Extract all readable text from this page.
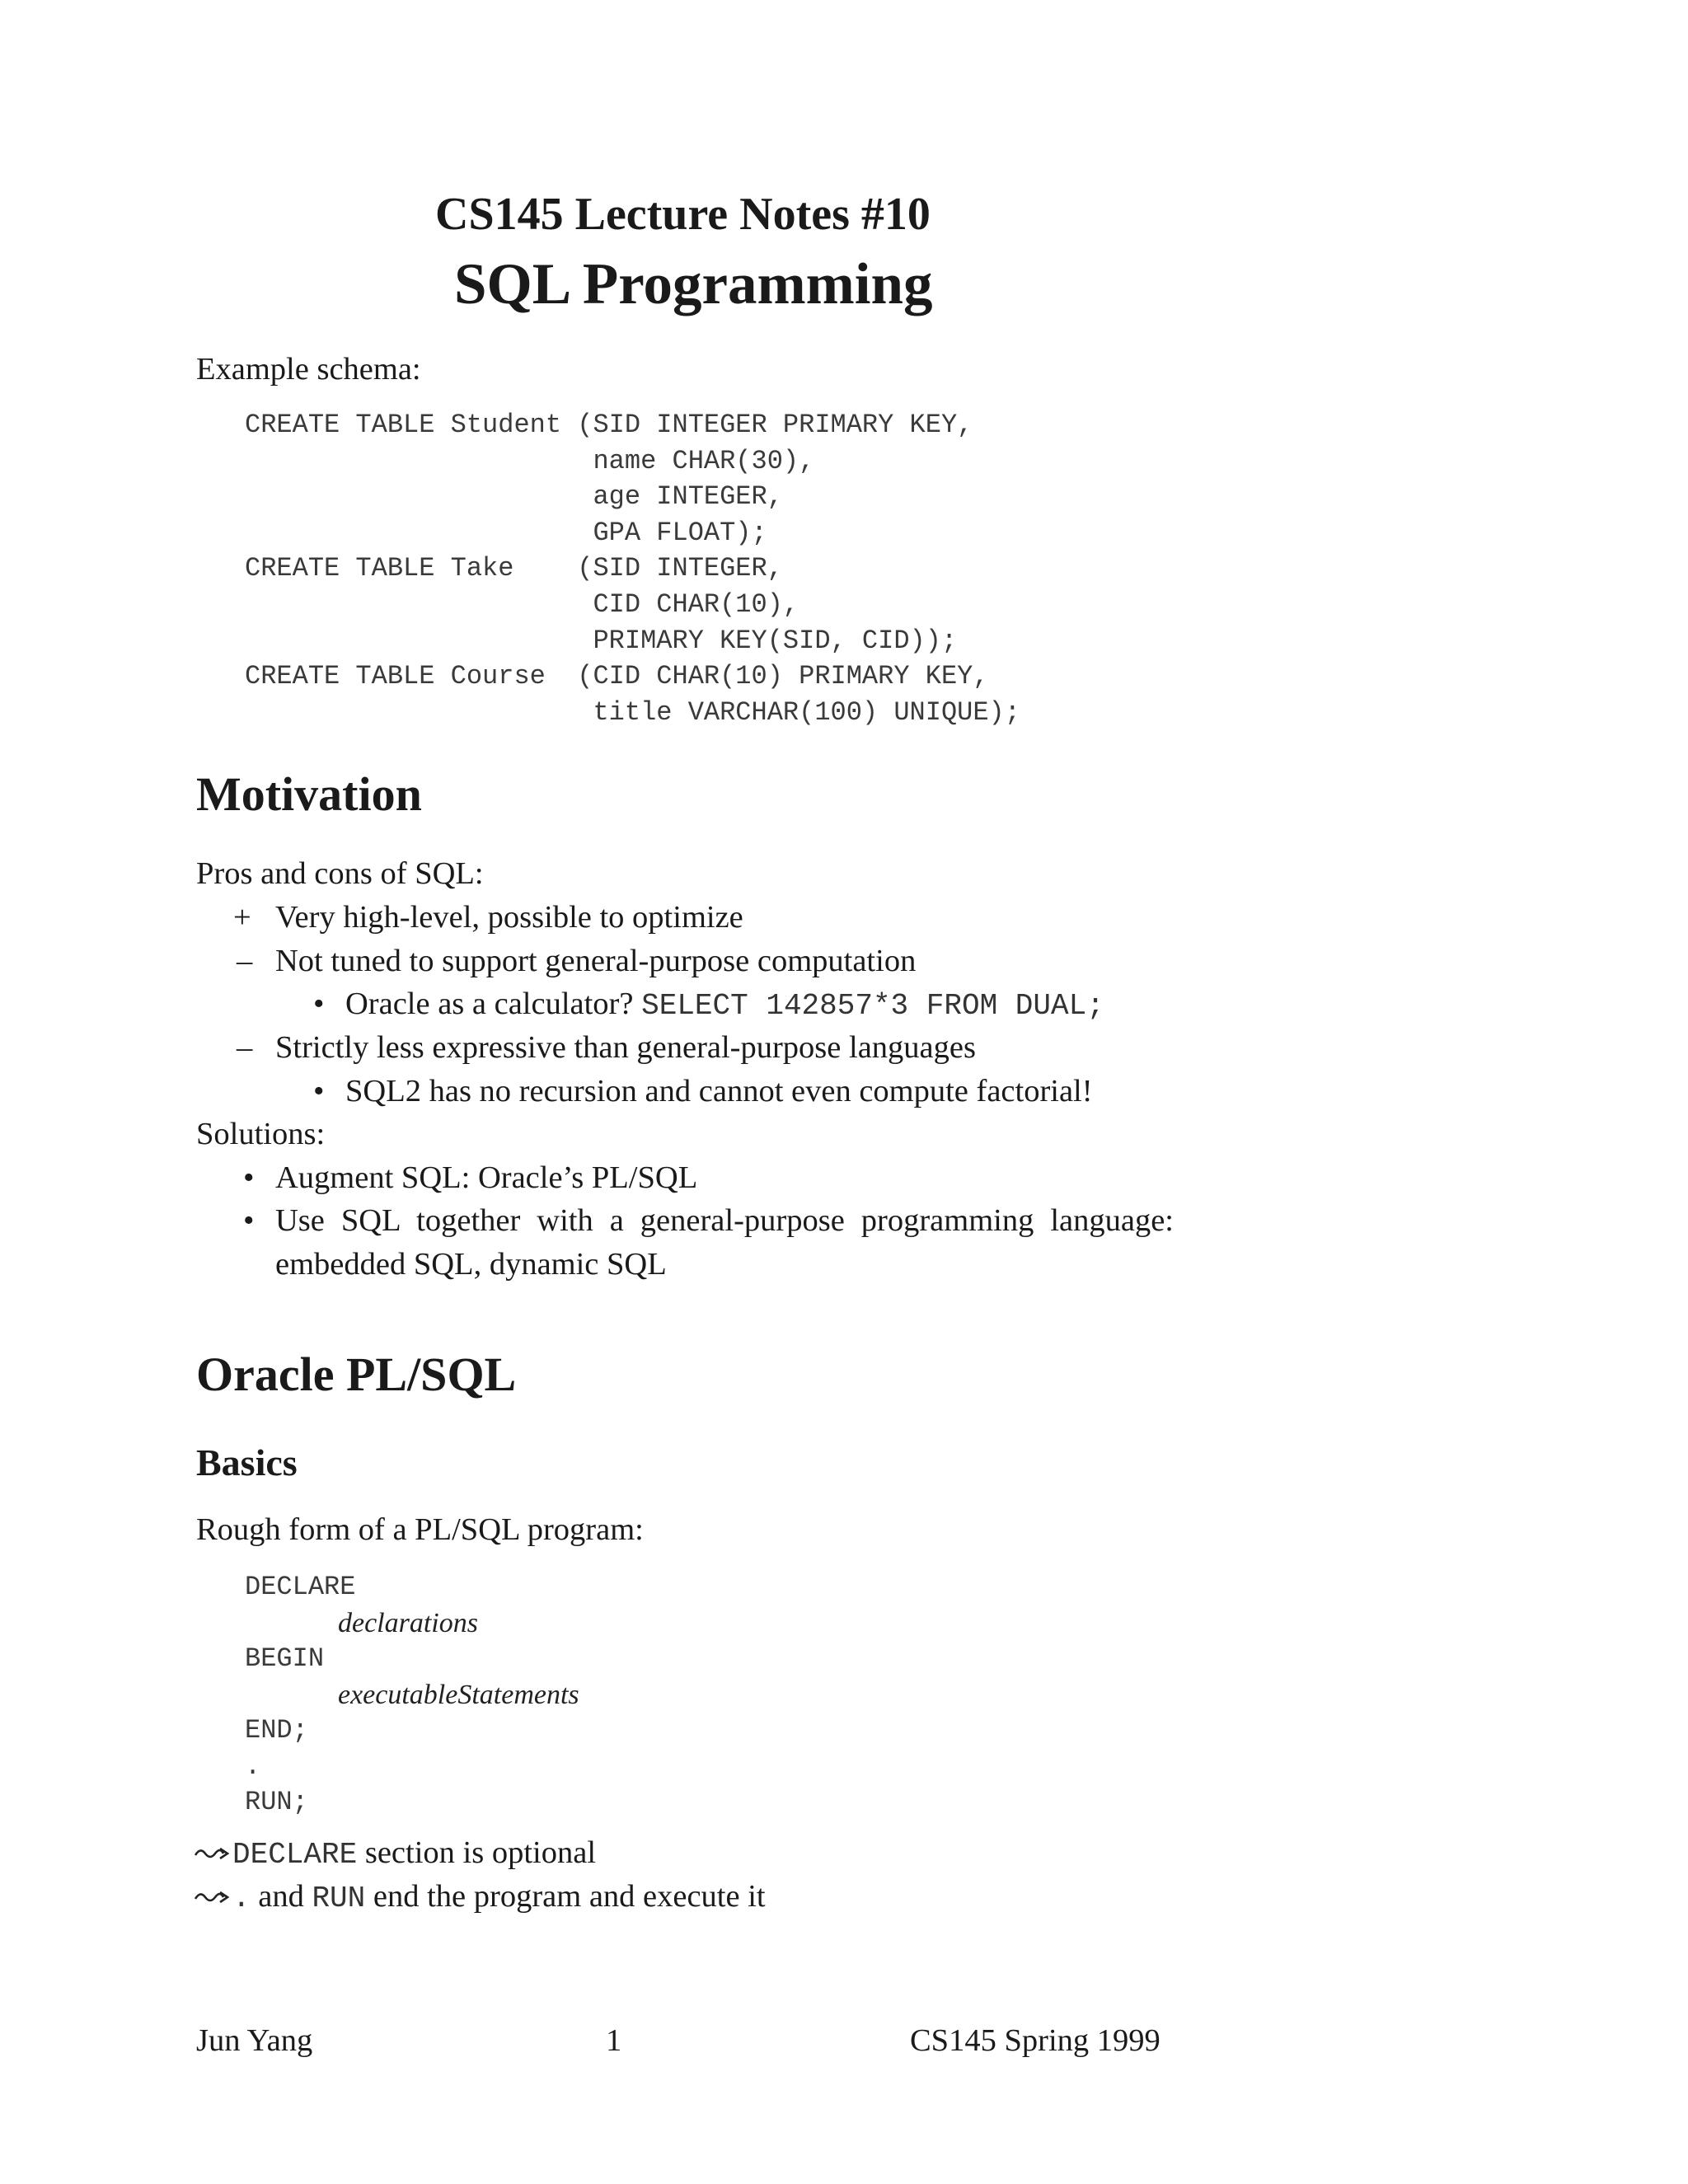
CS145 Lecture Notes #10
SQL Programming
Example schema:
CREATE TABLE Student (SID INTEGER PRIMARY KEY,
name CHAR(30),
age INTEGER,
GPA FLOAT);
CREATE TABLE Take    (SID INTEGER,
CID CHAR(10),
PRIMARY KEY(SID, CID));
CREATE TABLE Course  (CID CHAR(10) PRIMARY KEY,
title VARCHAR(100) UNIQUE);
Motivation
Pros and cons of SQL:
+ Very high-level, possible to optimize
– Not tuned to support general-purpose computation
• Oracle as a calculator? SELECT 142857*3 FROM DUAL;
– Strictly less expressive than general-purpose languages
• SQL2 has no recursion and cannot even compute factorial!
Solutions:
• Augment SQL: Oracle’s PL/SQL
• Use SQL together with a general-purpose programming language:
embedded SQL, dynamic SQL
Oracle PL/SQL
Basics
Rough form of a PL/SQL program:
DECLARE
declarations
BEGIN
executableStatements
END;
.
RUN;
DECLARE section is optional
. and RUN end the program and execute it
Jun Yang	1	CS145 Spring 1999
